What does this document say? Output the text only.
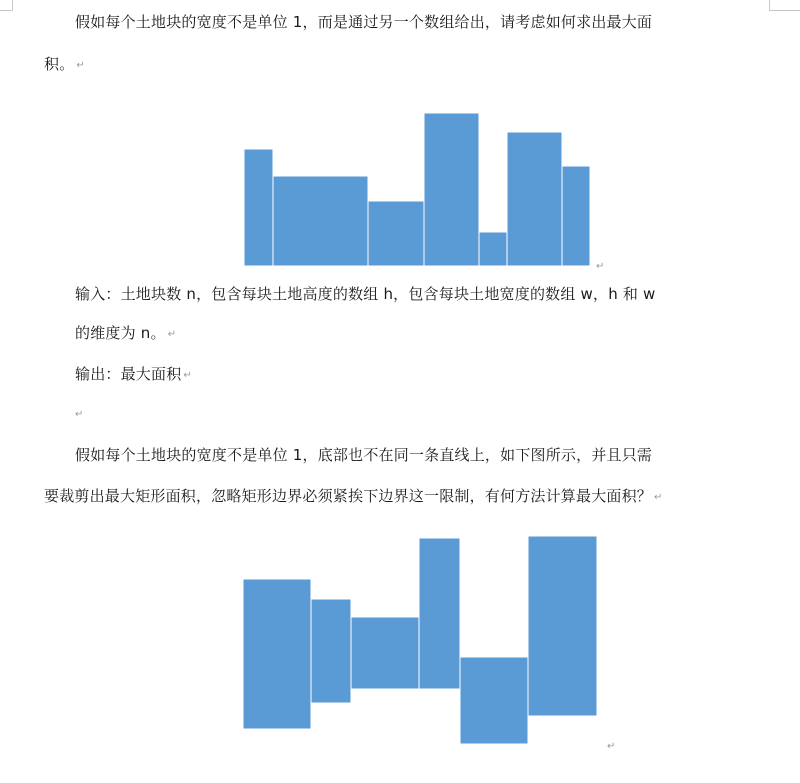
假如每个土地块的宽度不是单位 1，而是通过另一个数组给出，请考虑如何求出最大面
积。 ↵
↵
输入：土地块数 n，包含每块土地高度的数组 h，包含每块土地宽度的数组 w，h 和 w
的维度为 n。 ↵
输出：最大面积 ↵
↵
假如每个土地块的宽度不是单位 1，底部也不在同一条直线上，如下图所示，并且只需
要裁剪出最大矩形面积，忽略矩形边界必须紧挨下边界这一限制，有何方法计算最大面积？ ↵
↵
